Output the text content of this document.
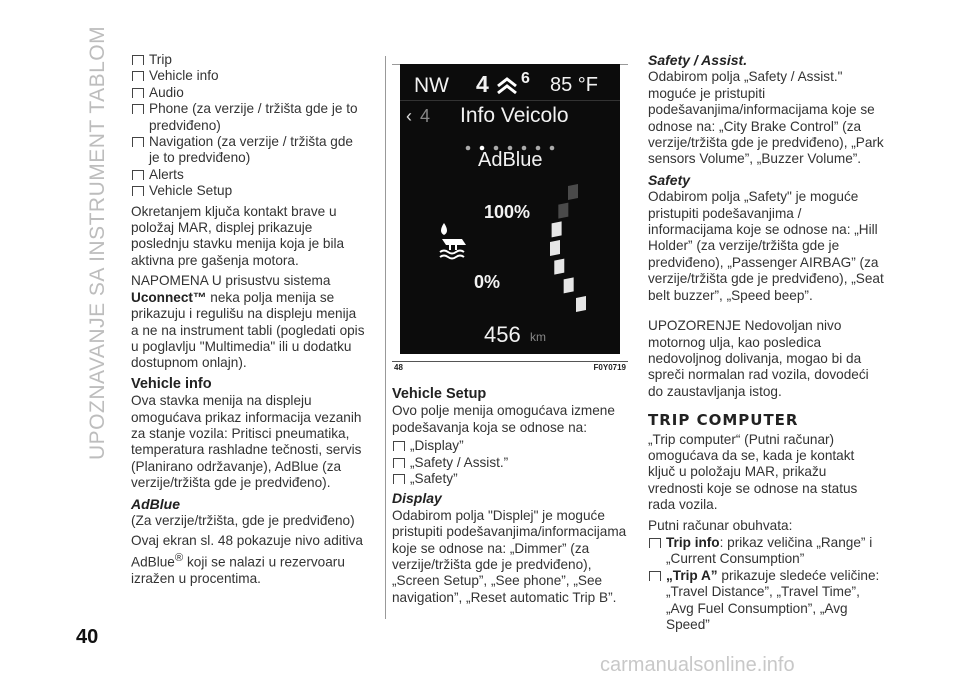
UPOZNAVANJE SA INSTRUMENT TABLOM	Trip
Vehicle info
Audio
Phone (za verzije / tržišta gde je to predviđeno)
Navigation (za verzije / tržišta gde je to predviđeno)
Alerts
Vehicle Setup

Okretanjem ključa kontakt brave u položaj MAR, displej prikazuje poslednju stavku menija koja je bila aktivna pre gašenja motora.

NAPOMENA U prisustvu sistema
Uconnect™ neka polja menija se prikazuju i regulišu na displeju menija a ne na instrument tabli (pogledati opis u poglavlju "Multimedia" ili u dodatku dostupnom onlajn).

Vehicle info

Ova stavka menija na displeju omogućava prikaz informacija vezanih za stanje vozila: Pritisci pneumatika, temperatura rashladne tečnosti, servis (Planirano održavanje), AdBlue (za verzije/tržišta gde je predviđeno).

AdBlue

(Za verzije/tržišta, gde je predviđeno)

Ovaj ekran sl. 48 pokazuje nivo aditiva AdBlue® koji se nalazi u rezervoaru izražen u procentima.

NW 4 6 85 °F
‹ 4 Info Veicolo
AdBlue
100%
0%
456 km
48	F0Y0719
Vehicle Setup

Ovo polje menija omogućava izmene podešavanja koja se odnose na:

„Display”
„Safety / Assist.”
„Safety”
Display

Odabirom polja "Displej" je moguće pristupiti podešavanjima/informacijama koje se odnose na: „Dimmer” (za verzije/tržišta gde je predviđeno), „Screen Setup”, „See phone”, „See navigation”, „Reset automatic Trip B”.

Safety / Assist.

Odabirom polja „Safety / Assist." moguće je pristupiti podešavanjima/informacijama koje se odnose na: „City Brake Control” (za verzije/tržišta gde je predviđeno), „Park sensors Volume”, „Buzzer Volume”.

Safety

Odabirom polja „Safety" je moguće pristupiti podešavanjima / informacijama koje se odnose na: „Hill Holder” (za verzije/tržišta gde je predviđeno), „Passenger AIRBAG” (za verzije/tržišta gde je predviđeno), „Seat belt buzzer”, „Speed beep”.

UPOZORENJE Nedovoljan nivo motornog ulja, kao posledica nedovoljnog dolivanja, mogao bi da spreči normalan rad vozila, dovodeći do zaustavljanja istog.

TRIP COMPUTER

„Trip computer“ (Putni računar) omogućava da se, kada je kontakt ključ u položaju MAR, prikažu vrednosti koje se odnose na status rada vozila.

Putni računar obuhvata:

Trip info: prikaz veličina „Range” i „Current Consumption”
„Trip A” prikazuje sledeće veličine: „Travel Distance”, „Travel Time”, „Avg Fuel Consumption”, „Avg Speed”
40
carmanualsonline.info
